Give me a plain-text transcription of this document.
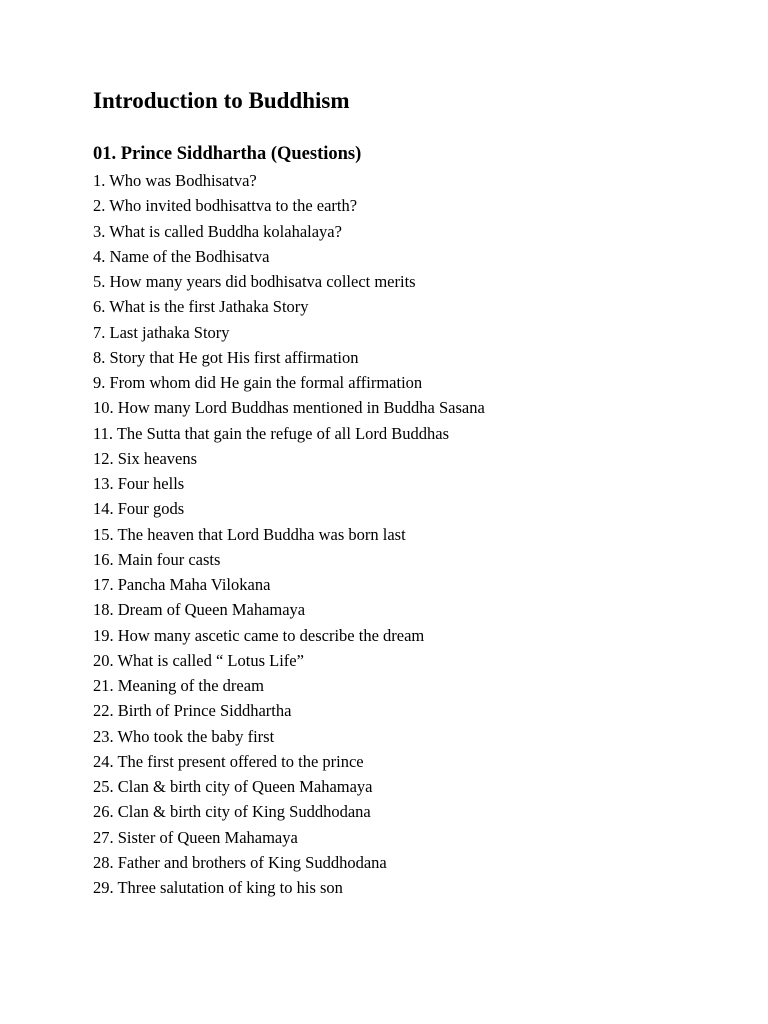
Introduction to Buddhism
01. Prince Siddhartha (Questions)
1. Who was Bodhisatva?
2. Who invited bodhisattva to the earth?
3. What is called Buddha kolahalaya?
4. Name of the Bodhisatva
5. How many years did bodhisatva collect merits
6. What is the first Jathaka Story
7. Last jathaka Story
8. Story that He got His first affirmation
9. From whom did He gain the formal affirmation
10. How many Lord Buddhas mentioned in Buddha Sasana
11. The Sutta that gain the refuge of all Lord Buddhas
12. Six heavens
13. Four hells
14. Four gods
15. The heaven that Lord Buddha was born last
16. Main four casts
17. Pancha Maha Vilokana
18. Dream of Queen Mahamaya
19. How many ascetic came to describe the dream
20. What is called “ Lotus Life”
21. Meaning of the dream
22. Birth of Prince Siddhartha
23. Who took the baby first
24. The first present offered to the prince
25. Clan & birth city of Queen Mahamaya
26. Clan & birth city of King Suddhodana
27. Sister of Queen Mahamaya
28. Father and brothers of King Suddhodana
29. Three salutation of king to his son
